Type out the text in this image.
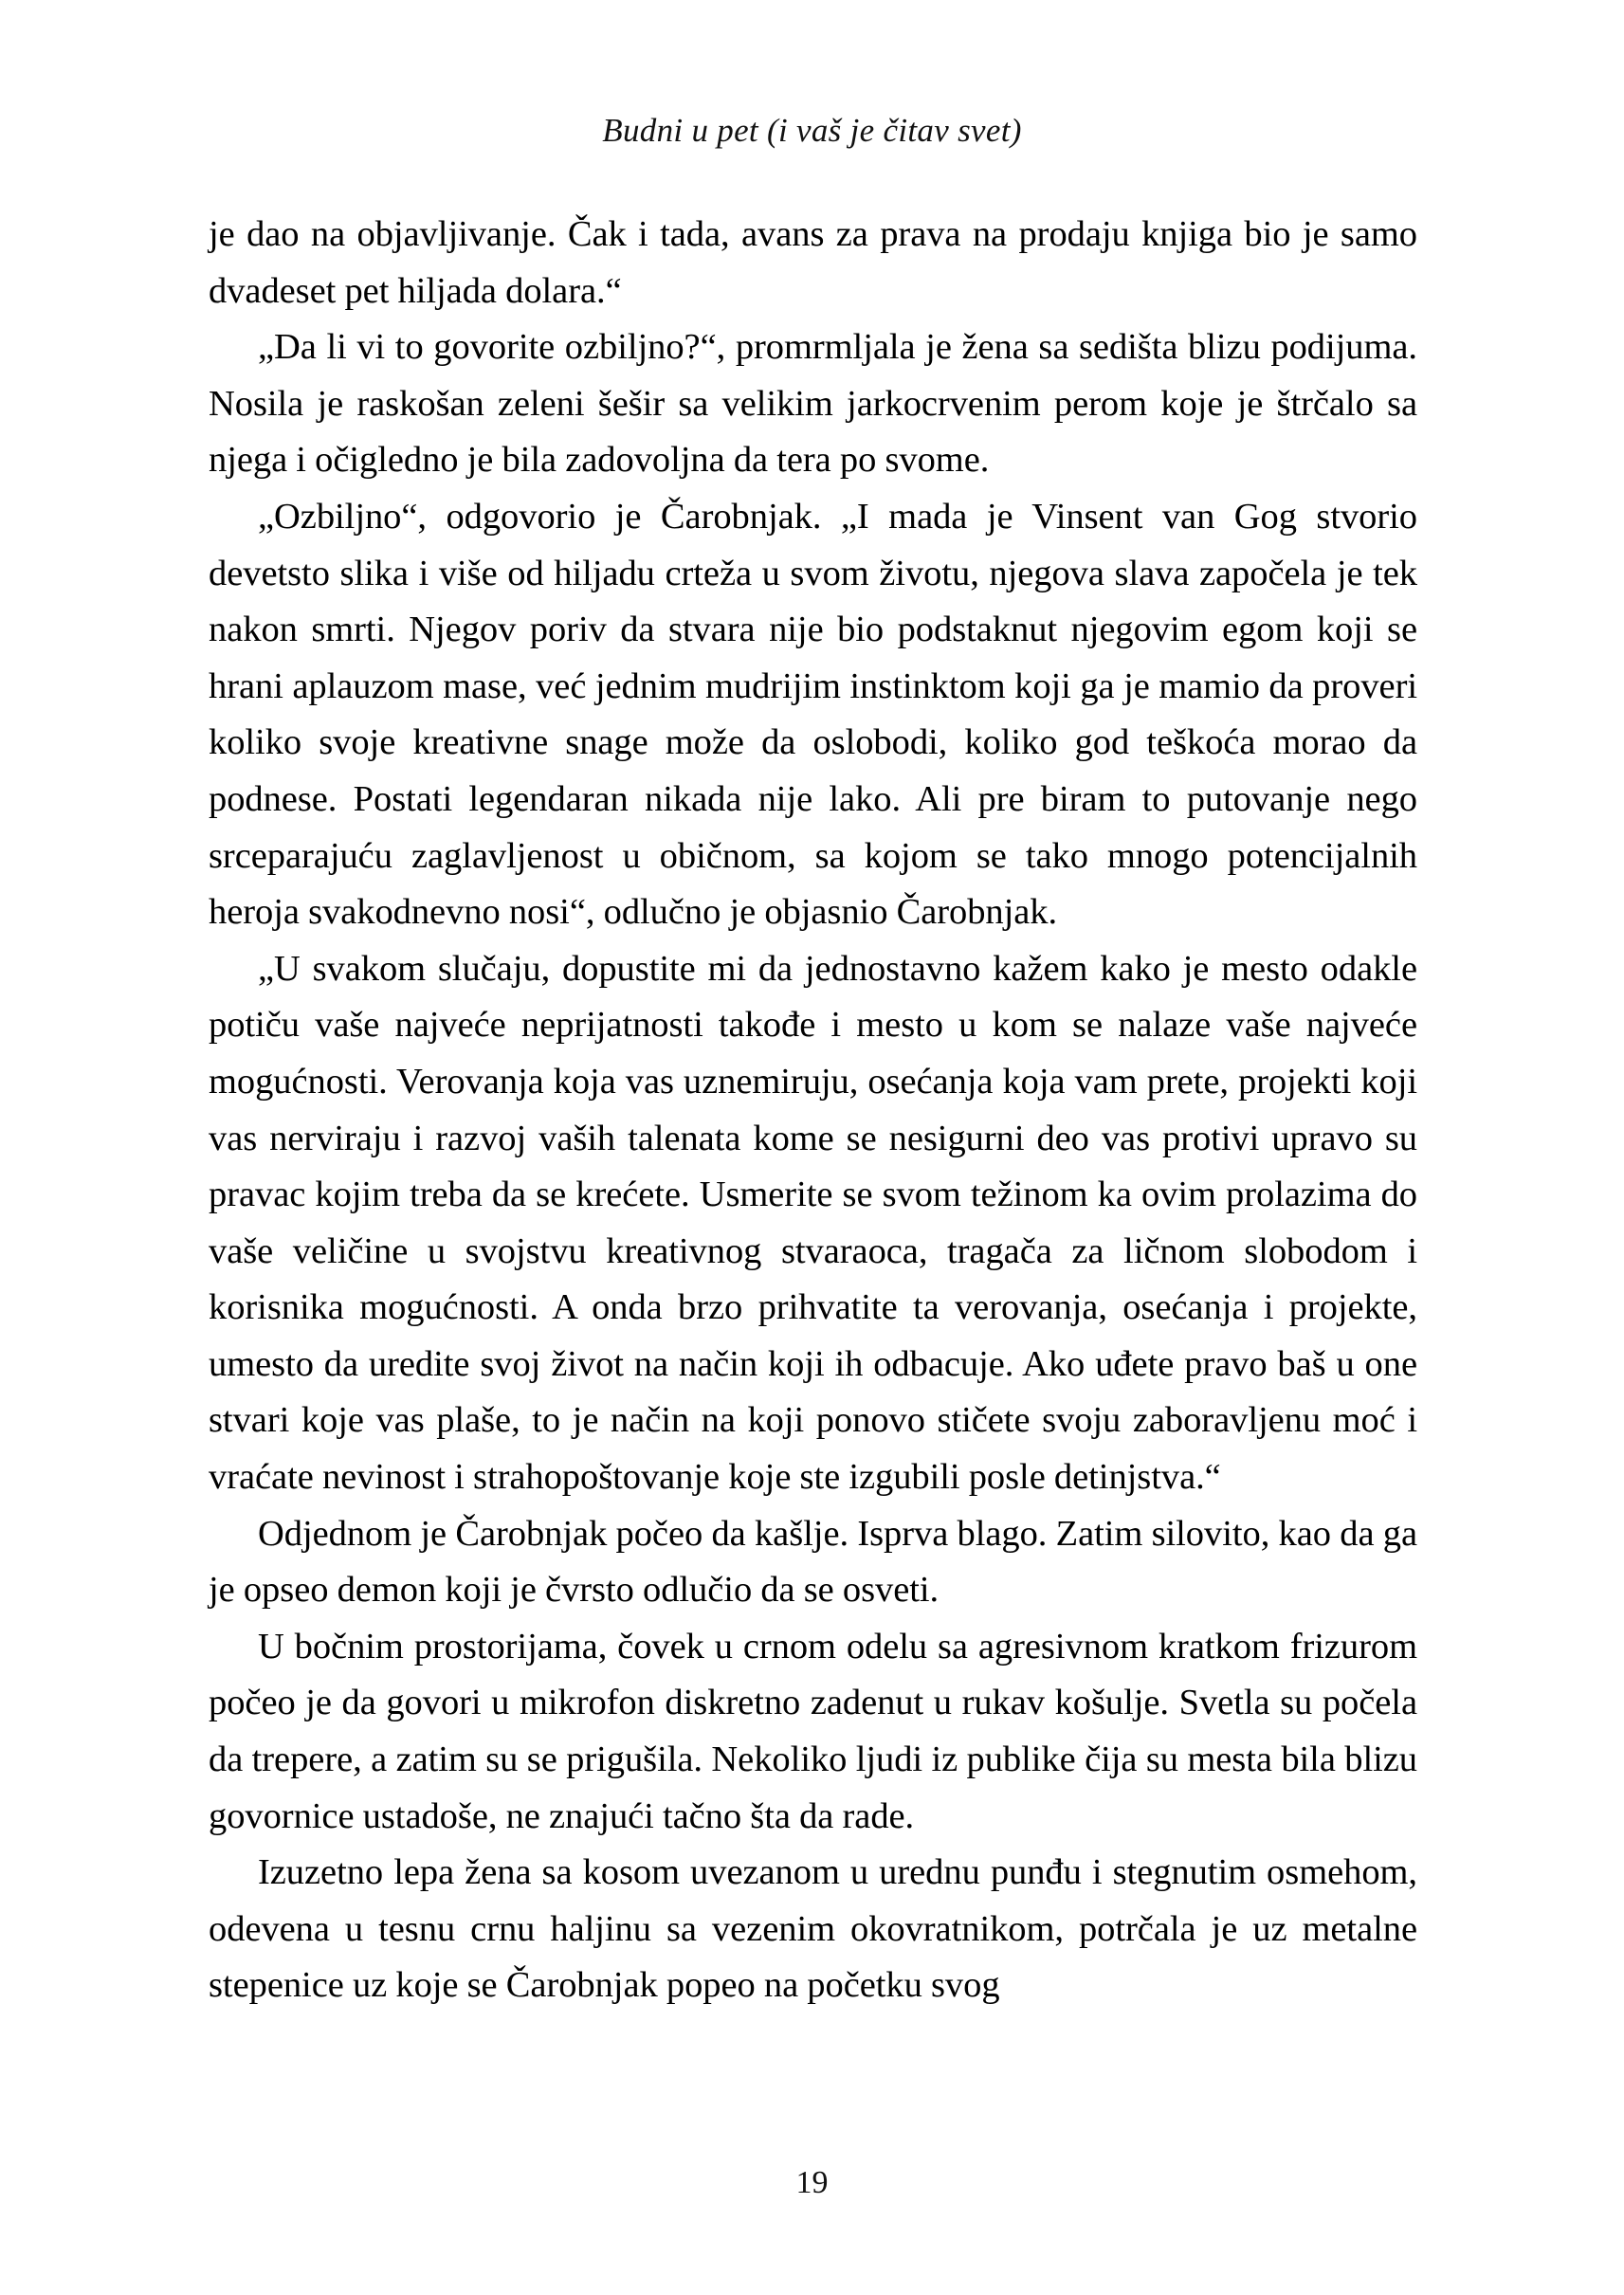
Budni u pet (i vaš je čitav svet)

je dao na objavljivanje. Čak i tada, avans za prava na prodaju knjiga bio je samo dvadeset pet hiljada dolara.“

„Da li vi to govorite ozbiljno?“, promrmljala je žena sa sedišta blizu podijuma. Nosila je raskošan zeleni šešir sa velikim jarkocrvenim perom koje je štrčalo sa njega i očigledno je bila zadovoljna da tera po svome.

„Ozbiljno“, odgovorio je Čarobnjak. „I mada je Vinsent van Gog stvorio devetsto slika i više od hiljadu crteža u svom životu, njegova slava započela je tek nakon smrti. Njegov poriv da stvara nije bio podstaknut njegovim egom koji se hrani aplauzom mase, već jednim mudrijim instinktom koji ga je mamio da proveri koliko svoje kreativne snage može da oslobodi, koliko god teškoća morao da podnese. Postati legendaran nikada nije lako. Ali pre biram to putovanje nego srceparajuću zaglavljenost u običnom, sa kojom se tako mnogo potencijalnih heroja svakodnevno nosi“, odlučno je objasnio Čarobnjak.

„U svakom slučaju, dopustite mi da jednostavno kažem kako je mesto odakle potiču vaše najveće neprijatnosti takođe i mesto u kom se nalaze vaše najveće mogućnosti. Verovanja koja vas uznemiruju, osećanja koja vam prete, projekti koji vas nerviraju i razvoj vaših talenata kome se nesigurni deo vas protivi upravo su pravac kojim treba da se krećete. Usmerite se svom težinom ka ovim prolazima do vaše veličine u svojstvu kreativnog stvaraoca, tragača za ličnom slobodom i korisnika mogućnosti. A onda brzo prihvatite ta verovanja, osećanja i projekte, umesto da uredite svoj život na način koji ih odbacuje. Ako uđete pravo baš u one stvari koje vas plaše, to je način na koji ponovo stičete svoju zaboravljenu moć i vraćate nevinost i strahopoštovanje koje ste izgubili posle detinjstva.“

Odjednom je Čarobnjak počeo da kašlje. Isprva blago. Zatim silovito, kao da ga je opseo demon koji je čvrsto odlučio da se osveti.

U bočnim prostorijama, čovek u crnom odelu sa agresivnom kratkom frizurom počeo je da govori u mikrofon diskretno zadenut u rukav košulje. Svetla su počela da trepere, a zatim su se prigušila. Nekoliko ljudi iz publike čija su mesta bila blizu govornice ustadoše, ne znajući tačno šta da rade.

Izuzetno lepa žena sa kosom uvezanom u urednu punđu i stegnutim osmehom, odevena u tesnu crnu haljinu sa vezenim okovratnikom, potrčala je uz metalne stepenice uz koje se Čarobnjak popeo na početku svog

19
